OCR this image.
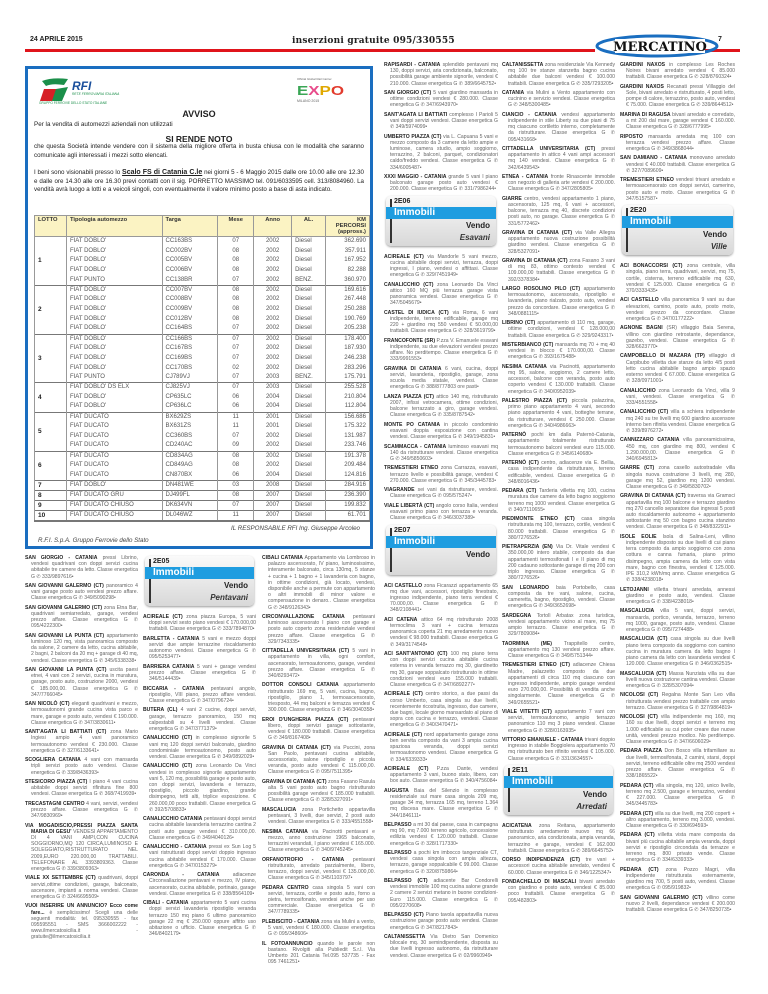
24 APRILE 2015	inserzioni gratuite 095/330555	MERCATINO
7
RFI
RETE FERROVIARIA ITALIANA
GRUPPO FERROVIE DELLO STATO ITALIANE
Official Global Rail Carrier
EXPO
MILANO 2015
AVVISO
Per la vendita di automezzi aziendali non utilizzati
SI RENDE NOTO
che questa Società intende vendere con il sistema della migliore offerta in busta chiusa con le modalità che saranno comunicate agli interessati i mezzi sotto elencati.
I beni sono visionabili presso lo Scalo FS di Catania C.le nei giorni 5 - 6 Maggio 2015 dalle ore 10.00 alle ore 12.30 e dalle ore 14.30 alle ore 16.30 previ contatti con il sig. PORRETTO MASSIMO tel. 091/6033595 cell. 313/8084960. La vendità avrà luogo a lotti e a veicoli singoli, con eventualmente il valore minimo posto a base di asta indicato.
LOTTO	Tipologia automezzo	Targa	Mese	Anno	AL.	KM PERCORSI (appross.)
1	FIAT DOBLO'	CC163BS	07	2002	Diesel	362.690
	FIAT DOBLO'	CC002BV	08	2002	Diesel	357.911
	FIAT DOBLO'	CC005BV	08	2002	Diesel	167.952
	FIAT DOBLO'	CC006BV	08	2002	Diesel	82.288
	FIAT PUNTO	CC138BR	07	2002	BENZ.	360.970
2	FIAT DOBLO'	CC007BV	08	2002	Diesel	169.616
	FIAT DOBLO'	CC008BV	08	2002	Diesel	267.448
	FIAT DOBLO'	CC009BV	08	2002	Diesel	250.288
	FIAT DOBLO'	CC012BV	08	2002	Diesel	190.769
	FIAT DOBLO'	CC164BS	07	2002	Diesel	205.238
3	FIAT DOBLO'	CC166BS	07	2002	Diesel	178.400
	FIAT DOBLO'	CC167BS	07	2002	Diesel	187.930
	FIAT DOBLO'	CC169BS	07	2002	Diesel	246.238
	FIAT DOBLO'	CC170BS	02	2002	Diesel	283.296
	FIAT PUNTO	CJ789VJ	07	2003	BENZ.	175.791
4	FIAT DOBLO' DS ELX	CJ825VJ	07	2003	Diesel	255.528
	FIAT DOBLO'	CP635LC	06	2004	Diesel	210.804
	FIAT DOBLO'	CP636LC	06	2004	Diesel	112.804
5	FIAT DUCATO	BX629ZS	11	2001	Diesel	156.686
	FIAT DUCATO	BX631ZS	11	2001	Diesel	175.322
	FIAT DUCATO	CC360BS	07	2002	Diesel	131.987
	FIAT DUCATO	CD240AC	09	2002	Diesel	233.746
6	FIAT DUCATO	CD834AG	08	2002	Diesel	191.378
	FIAT DUCATO	CD849AG	08	2002	Diesel	209.484
	FIAT DUCATO	CN870BX	06	2004	Diesel	124.816
7	FIAT DOBLO'	DN481WE	03	2008	Diesel	284.916
8	FIAT DUCATO GRU	DJ499FL	08	2007	Diesel	236.390
9	FIAT DUCATO CHIUSO	DK634VN	07	2007	Diesel	199.832
10	FIAT DUCATO CHIUSO	DL046WZ	11	2007	Diesel	61.701
IL RESPONSABILE RFI Ing. Giuseppe Arcoleo
R.F.I. S.p.A. Gruppo Ferrovie dello Stato
SAN GIORGIO - CATANIA pressi Librino, vendesi quadrivani con doppi servizi cucina abitabile tre camere da letto. Classe energetica G ✆ 333/9897616•
SAN GIOVANNI GALERMO (CT) panoramico 4 vani garage posto auto vendesi prezzo affare. Classe energetica G ✆ 349/5090298•
SAN GIOVANNI GALERMO (CT) zona Etna Bar, quadrivani semiarredato, garage, vendesi prezzo affare. Classe energetica G ✆ 095/4222300•
SAN GIOVANNI LA PUNTA (CT) appartamento luminoso 120 mq, vista panoramica composto da salone, 2 camere da letto, cucina abitabile, 2 bagni, 2 balconi da 20 mq + garage di 40 mq, vendesi. Classe energetica G ✆ 345/6338338•
SAN GIOVANNI LA PUNTA (CT) uscita paesi etnei, 4 vani con 2 servizi, cucina in muratura, garage, posto auto, costruzione 2000, vendesi € 185.000,00. Classe energetica G ✆ 347/7766045•
SAN NICOLÒ (CT) eleganti quadrivani e mezzo, termoautonomi grande cucina vista parco e mare, garage e posto auto, vendesi € 190.000. Classe energetica G ✆ 347/3830611•
SANT'AGATA LI BATTIATI (CT) zona Mario Ingiesi ampio 4 vani panoramico termoautonomo vendesi € 230.000. Classe energetica G ✆ 327/6133641•
SCOGLIERA CATANIA 4 vani con mansarda tripli servizi posto auto vendesi. Classe energetica G ✆ 339/8436393•
STESICORO PIAZZA (CT) I piano 4 vani cucina abitabile doppi servizi rifinitura fine 800 vendesi. Classe energetica G ✆ 368/7419939•
TRECASTAGNI CENTRO 4 vani, servizi, vendesi prezzo affare. Classe energetica G ✆ 347/9830969•
VIA MOGADISCIO,PRESSI PIAZZA SANTA MARIA DI GESU' VENDESI APPARTAMENTO DI 4 VANI AMPI,CON CUCINA SOGGIORNO,MQ 120 CIRCA,LUMINOSO E SOLEGGIATO,RISTRUTTURATO NEL 2009,EURO 220.000,00 TRATTABILI. TELEFONARE AL 3393809363. Classe energetica G ✆ 339/3809363•
VIALE XX SETTEMBRE (CT) quadrivani, doppi servizi,ottime condizioni, garage, balconato, ascensore, impianti a norma vendesi. Classe energetica G ✆ 324/6695509•
VUOI INSERIRE UN ANNUNCIO? Ecco come fare... è semplicissimo! Scegli una delle seguenti modalità: tel. 095330555 - fax 095595551 - SMS 3666002222 - www.ilmercatosicilia.it - gratuite@ilmercatosicilia.it
2E05
Immobili
Vendo
Pentavani
ACIREALE (CT) zona piazza Europa, 5 vani doppi servizi sesto piano vendesi € 170.000,00 trattabili. Classe energetica G ✆ 333/7894870•
BARLETTA - CATANIA 5 vani e mezzo doppi servizi due ampie terrazzine riscaldamento autonomo vendesi. Classe energetica G ✆ 095/5253477•
BARRIERA CATANIA 5 vani + garage vendesi prezzo affare. Classe energetica G ✆ 346/5144439•
BICCARIA - CATANIA pentavani angolo, ripostiglio, VIII piano, prezzo affare vendesi. Classe energetica G ✆ 347/0796724•
BUTERA (CL) 4 vani 2 cucine, doppi servizi, garage, terrazzo panoramico, 150 mq calpestabili su 4 livelli vendesi. Classe energetica G ✆ 347/3771379•
CANALICCHIO (CT) in complesso signorile 5 vani mq 120 doppi servizi balconato, giardino condominiale termoautonomo, posto auto vendesi. Classe energetica G ✆ 349/0892029•
CANALICCHIO (CT) zona Leonardo Da Vinci vendesi in complesso signorile appartamento vani 5, 120 mq, possibilità garage e posto auto, con doppi servizi, lavanderia e terrazzo, ripostiglio, piccolo giardino, grande disimpegno, tetti alti, triplice esposizione. € 260.000,00 poco trattabili. Classe energetica G ✆ 392/5708833•
CANALICCHIO CATANIA pentavani doppi servizi cucina abitabile lavanderia terrazzino cantina 2 posti auto garage vendesi € 310.000,00. Classe energetica G ✆ 349/4040126•
CANALICCHIO - CATANIA pressi ex Sun Log 5 vani ristrutturati doppi servizi doppio ingresso cucina abitabile vendesi € 170.000. Classe energetica G ✆ 347/0153279•
CARONDA - CATANIA	adiacenze Circonvallazione pentavani e mezzo, IV piano, ascensorato, cucina abitabile, portinaio, garage vendesi. Classe energetica G ✆ 338/8564109•
CIBALI - CATANIA appartamento 5 vani cucina doppi servizi lavanderia ripostiglio veranda terrazzo 150 mq piano 6 ultimo panoramico garage 22 mq € 250.000 oppure affitto uso abitazione o ufficio. Classe energetica G ✆ 346/8402179•
CIBALI CATANIA Appartamento via Lombroso in palazzo ascensorato, IV piano, luminosissimo, interamente balconato, circa 130mq, 5 stanze + cucina + 1 bagno + 1 lavanderia con bagno, in ottime condizioni, già locato, vendesi, disponibile anche a permute con appartamento o altri immobili di minor valore e compensazione in denaro.. Classe energetica G ✆ 348/9126343•
CIRCONVALLAZIONE CATANIA pentavani luminoso ascensorato I piano con garage e posto auto coperto zona residenziale vendesi prezzo affare. Classe energetica G ✆ 329/7343335•
CITTADELLA UNIVERSITARIA (CT) 5 vani in appartamento in villa, ogni comfort, ascensorato, termoautonomo, garage, vendesi prezzo affare. Classe energetica G ✆ 340/8293472•
DOTTOR CONSOLI CATANIA appartamento ristrutturato 169 mq, 5 vani, cucina, bagno, ripostiglio, piano 1, termoascensorato, triesposto, 44 mq balconi e terrazza vendesi € 300.000. Classe energetica G ✆ 346/3040358•
EROI D'UNGHERIA PIAZZA (CT) pentavani libero, doppi servizi garage sottostante, vendesi € 180.000 trattabili. Classe energetica G ✆ 349/8167408•
GRAVINA DI CATANIA (CT) via Puccini, zona San Paolo, pentavani cucina abitabile, accessoriato, salone ripostiglio e piccola veranda, posto auto vendesi € 115.000,00. Classe energetica G ✆ 095/7511395•
GRAVINA DI CATANIA (CT) zona Fasano Rasula alta 5 vani posto auto bagno ristrutturato possibilità garage vendesi € 185.000 trattabili. Classe energetica G ✆ 328/5327091•
MASCALUCIA zona Portichetto appartavilla pentavani, 3 livelli, due servizi, 2 posti auto vendesi. Classe energetica G ✆ 333/4551558•
NESIMA CATANIA via Pacinotti pentavani e mezzo, anno costruzione 1965 balconato, terrazzini verandati, I piano vendesi € 165.000. Classe energetica G ✆ 340/9745245•
ORFANOTROFIO - CATANIA pentavani ristrutturato, arredato parzialmente, libero, terrazzo, doppi servizi, vendesi € 135.000,00. Classe energetica G ✆ 345/1103797•
PEDARA CENTRO casa singola 5 vani con servizi, terrazza, cortile e posto auto, forno a pietra, termosifonato, vendesi anche per uso commerciale. Classe energetica G ✆ 347/7789335•
PLEBISCITO - CATANIA zona via Mulini a vento, 5 vani, vendesi € 180.000. Classe energetica G ✆ 095/348606•
IL FOTOANNUNCIO quando le parole non bastano. Rivolgiti alla Publiedit S.r.l. Via Umberto 201 Catania Tel.095 537735 - Fax 095 7461251•
RAPISARDI - CATANIA splendido pentavani mq 130, doppi servizi, aria condizionata, balconato, possibilità garage ambiente signorile, vendesi € 210.000. Classe energetica G ✆ 389/6645752•
SAN GIORGIO (CT) 5 vani giardino mansarda in ottime condizioni vendesi € 280.000. Classe energetica G ✆ 347/6943970•
SANT'AGATA LI BATTIATI complesso I Parioli 5 vani doppi servizi vendesi. Classe energetica G ✆ 349/5974099•
UMBERTO PIAZZA (CT) via L. Capuana 5 vani e mezzo composto da 3 camere da letto ampie e luminose, camera studio, ampio soggiorno, terrazzino, 2 balconi, parquet, condizionatori caldo/freddo vendesi. Classe energetica G ✆ 334/6005487•
XXXI MAGGIO - CATANIA grande 5 vani I piano balconato garage posto auto vendesi € 200.000. Classe energetica G ✆ 331/7986244•
2E06
Immobili
Vendo
Esavani
ACIREALE (CT) via Mandorle 5 vani mezzo, cucina abitabile doppi servizi, terrazza, doppi ingressi, I piano, vendesi o affittasi. Classe energetica G ✆ 329/7451949•
CANALICCHIO (CT) zona Leonardo Da Vinci attico 160 MQ più terrazza garage vista panoramica vendesi. Classe energetica G ✆ 347/5045679•
CASTEL DI IUDICA (CT) via Roma, 6 vani indipendente, terreno edificabile, garage mq 220 + giardino mq 550 vendesi € 50.000,00 trattabili. Classe energetica G ✆ 328/3619799•
FRANCOFONTE (SR) P.zza V. Emanuele esavani indipendente, su due elevazioni vendesi prezzo affare. No perditempo. Classe energetica G ✆ 333/9991553•
GRAVINA DI CATANIA 6 vani, cucina, doppi servizi, lavanderia, ripostiglio, garage, zona scuola media statale, vendesi. Classe energetica G ✆ 388/8777803 ore pasti•
LANZA PIAZZA (CT) attico 140 mq, ristrutturato 2007, infissi vetrocamera, ottime condizioni, balcone terrazzato a giro, garage vendesi. Classe energetica G ✆ 335/8787542•
MONTE PO CATANIA in piccolo condominio esavani doppia esposizione con cantina vendesi. Classe energetica G ✆ 349/1945831•
SCAMMACCA - CATANIA luminoso esavani mq 140 da ristrutturare vendesi. Classe energetica G ✆ 349/5850603•
TREMESTIERI ETNEO zona Carrazza, esavani, terrazzo livello e possibilità garage, vendesi € 270.000. Classe energetica G ✆ 345/3445783•
VIAGRANDE sei vani da ristrutturare, vendesi. Classe energetica G ✆ 095/575247•
VIALE LIBERTÀ (CT) angolo corso Italia, vendesi esavani primo piano con terrazza e veranda. Classe energetica G ✆ 346/3037389•
2E07
Immobili
Vendo
ACI CASTELLO zona Ficarazzi appartamento 65 mq due vani, accessori, ripostiglio finestrato, ingresso indipendente, piano terra vendesi € 70.000,00. Classe energetica G ✆ 348/2108441•
ACI CATENA attico 64 mq ristrutturato 2008 termoclima 3 vani + cucina terrazza panoramica coperta 21 mq arredamento nuovo vendesi € 98.000 trattabili. Classe energetica G ✆ 349/3174548•
ACI SANT'ANTONIO (CT) 100 mq piano terra con doppi servizi cucina abitabile cucina esterna in veranda terrazzo mq 30, giardinetto mq 30, garage soppalcato ristrutturato in ottime condizioni vendesi euro 155.000 trattabili. Classe energetica G ✆ 347/6892277•
ACIREALE (CT) centro storico, a due passi da corso Umberto, casa singola su due livelli, recentemente ricostruita, ingresso, due camere, due bagni, locale giorno mansardato al piano di sopra con cucina e terrazzo, vendesi. Classe energetica G ✆ 340/3470471•
ACIREALE (CT) nord appartamento garage zona ben servita composto da vani 3 ampia cucina spaziosa veranda, doppi servizi termoautonomo vendesi. Classe energetica G ✆ 334/6339333•
ACIREALE (CT) P.zza Dante, vendesi appartamento 3 vani, buono stato, libero, con box auto. Classe energetica G ✆ 340/4756084•
AUGUSTA Baia del Silenzio in complesso residenziale sul mare casa singola 209 mq, garage 34 mq, terrazza 165 mq, terreno 1.364 mq discesa mare. Classe energetica G ✆ 344/1846111•
BELPASSO a mt 30 dal paese, casa in campagna mq 90, mq 7.000 terreno agricolo, concessione edilizia vendesi € 120.000 trattabili. Classe energetica G ✆ 328/1717330•
BELPASSO a pochi km imbocco tangenziale CT, vendesi casa singola con ampia altezza, terrazzo, garage soppalcabile € 99.000. Classe energetica G ✆ 320/8759864•
BELPASSO (CT) adiacente Bar Condorelli vendesi immobile 100 mq cucina salone grande 2 camere 2 servizi metano in buone condizioni-Euro 115.000. Classe energetica G ✆ 095/2270608•
BELPASSO (CT) Piano tavola appartavilla nuova costruzione garage posto auto vendesi. Classe energetica G ✆ 347/8217843•
CALTANISSETTA Via Dietro San Domenico bilocale mq. 30 semindipendente, disposta su due livelli ingresso autonomo, da ristrutturare vendesi. Classe energetica G ✆ 02/9960949•
CALTANISSETTA zona residenziale Via Kennedy mq 100 tre stanze stanzetta bagno cucina abitabile due balconi vendesi € 100.000 trattabili. Classe energetica G ✆ 335/7293205•
CATANIA via Mulini a Vento appartamento con cucinino e servizio vendesi. Classe energetica G ✆ 348/5300485•
CIANCIO - CATANIA vendesi appartamento indipendente in stile Liberty su due piani di 75 mq ciascuno cortiletto interno, completamente da ristrutturare. Classe energetica G ✆ 095/431668•
CITTADELLA UNIVERSITARIA (CT) pressi appartamento in attico 4 vani ampi accessori mq 140 vendesi. Classe energetica G ✆ 342/6439543•
ETNEA - CATANIA fronte Rinascente immobile con negozio di galleria arte vendesi € 200.000. Classe energetica G ✆ 347/2805805•
GIARRE centro, vendesi appartamento 1 piano, ascensorato, 125 mq, 6 vani + accessori, balcone, terrazza mq 40, discrete condizioni posti auto, no garage. Classe energetica G ✆ 331/5772462•
GRAVINA DI CATANIA (CT) via Valle Allegra appartamento nuova costruzione possibilità giardino vendesi. Classe energetica G ✆ 328/5327091•
GRAVINA DI CATANIA (CT) zona Fasano 3 vani di mq 83, ottimo contesto vendesi € 109.000,00 trattabili. Classe energetica G ✆ 392/3378384•
LARGO ROSOLINO PILO (CT) appartamento termoautonomo, ascensorato, ripostiglio e lavanderia, piano rialzato, posto auto, vendesi prezzo da concordare. Classe energetica G ✆ 348/0881115•
LIBRINO (CT) appartamento di 110 mq, garage, ottime condizioni, vendesi € 128.000,00 trattabili. Classe energetica G ✆ 329/9243317•
MISTERBIANCO (CT) mansarda mq 70 + mq 40 vendesi in blocco € 170.000,00. Classe energetica G ✆ 393/1675488•
NESIMA CATANIA via Pacinotti, appartamento mq 95, salone, soggiorno, 2 camere letto, accessori, balcone con veranda, posto auto coperto vendesi € 130.000 trattabili. Classe energetica G ✆ 340/0952039•
PALESTRO PIAZZA (CT) piccola palazzina, primo piano appartamento 4 vani, secondo piano appartamento 4 vani, botteghe terrane, da ristrutturare, vendesi € 250.000. Classe energetica G ✆ 340/4986663•
PATERNÒ pochi km dalla Paternò-Catania, appartamento totalmente ristrutturato termoautonomo balconi vendesi euro 115.000. Classe energetica G ✆ 345/6140680•
PATERNÒ (CT) centro, adiacenze via E. Bellia, casa indipendente da ristrutturare, terreno edificabile, vendesi. Classe energetica G ✆ 348/8016436•
PEDARA (CT) Tarderia villetta mq 100, cucina muratura due camere da letto bagno soggiorno terreno mq 1000 vendesi. Classe energetica G ✆ 340/7110655•
PIEDIMONTE ETNEO (CT) casa singola ristrutturata mq 100, terrazzo, cortile, vendesi € 80.000 trattabili. Classe energetica G ✆ 380/7276526•
PIETRAPERZIA (EN) Via Dr. Vitale vendesi € 350.000,00 intero stabile, composto da due appartamenti termosifonati I e II piano di mq 200 cadauno sottostante garage di mq 200 con triplo ingresso. Classe energetica G ✆ 380/7276526•
SAN LEONARDO baia Portobello, casa composta da tre vani, salone, cucina, cameretta, bagno, ripostiglio, vendesi. Classe energetica G ✆ 349/3652698•
SARDEGNA Tortolì Arbatax zona turistica, vendesi appartamento vicino al mare, mq 75 ampio terrazzo. Classe energetica G ✆ 329/7809084•
TAORMINA (ME) Trappitello centro, appartamento mq 130 vendesi prezzo affare. Classe energetica G ✆ 349/5751344•
TREMESTIERI ETNEO (CT) adiacenze Chiesa Madre, palazzetto composto da due appartamenti di circa 110 mq ciascuno con ingresso indipendente, ampio garage vendesi euro 270.000,00. Possibilità di vendita anche singolarmente. Classe energetica G ✆ 349/2655521•
VIALE VITETTI (CT) appartamento 7 vani con servizi, termoautonomo, ampio terrazzo panoramico 110 mq 3 piano vendesi. Classe energetica G ✆ 328/0163935•
VITTORIO EMANUELE - CATANIA trivani doppio ingresso in stabile Boggiolera appartamento 70 mq ristrutturato ben rifinito vendesi € 105.000. Classe energetica G ✆ 331/3634557•
2E11
Immobili
Vendo
Arredati
ACICATENA zona Reitana, appartamento ristrutturato arredamento nuovo mq 66 panoramico, aria condizionata, ampia veranda, terrazzino e garage, vendesi € 162.000 trattabili. Classe energetica G ✆ 389/6645752•
CORSO INDIPENDENZA (CT) tre vani + accessori cucina abitabile arredato, vendesi € 60.000. Classe energetica G ✆ 346/1225347•
FONDACHELLO DI MASCALI bivani arredato con giardino e posto auto, vendesi € 85.000 poco trattabili. Classe energetica G ✆ 095/482803•
GIARDINI NAXOS in complesso Les Roches Noires bivani arredato vendesi € 85.000 trattabili. Classe energetica G ✆ 328/8760324•
GIARDINI NAXOS Recanati pressi Villaggio del Sole, bivani arredato e ristrutturato, 4 posti letto, pompe di calore, terrazzino, posto auto, vendesi € 75.000. Classe energetica G ✆ 339/8644512•
MARINA DI RAGUSA bivani arredato e corredato, a mt 200 dal mare, garage vendesi € 160.000. Classe energetica G ✆ 328/6777995•
RIPOSTO mansarda arredata mq 100 con terrazza vendesi prezzo affare. Classe energetica G ✆ 349/3868044•
SAN DAMIANO - CATANIA monovano arredato vendesi € 40.000 trattabili. Classe energetica G ✆ 327/7089609•
TREMESTIERI ETNEO vendesi trivani arredato e termoascensorato con doppi servizi, camerino, posto auto e moto. Classe energetica G ✆ 347/5157587•
2E20
Immobili
Vendo
Ville
ACI BONACCORSI (CT) zona centrale, villa singola, piano terra, quadrivani, servizi, mq 75, cortile, cisterna, terreno edificabile mq 630, vendesi € 125.000. Classe energetica G ✆ 370/3333435•
ACI CASTELLO villa panoramica 9 vani su due elevazioni, camino, posto auto, posto moto, vendesi prezzo da concordare. Classe energetica G ✆ 347/0177222•
AGNONE BAGNI (SR) villaggio Baia Serena, villino con giardino retrostante, dependance, gazebo, vendesi. Classe energetica G ✆ 328/6623770•
CAMPOBELLO DI MAZARA (TP) villaggio di Carpibubo villetta due stanze da letto 4/5 posti letto cucina abitabile bagno ampio spazio esterno vendesi € 67.000. Classe energetica G ✆ 328/0971001•
CANALICCHIO zona Leonardo da Vinci, villa 9 vani, vendesi. Classe energetica G ✆ 333/4551558•
CANALICCHIO (CT) villa a schiera indipendente mq 240 su tre livelli mq 600 giardino ascensore interno ben rifinita vendesi. Classe energetica G ✆ 339/8976272•
CANNIZZARO CATANIA villa panoramicissima, 450 mq, con giardino mq 800, vendesi € 1.290.000,00. Classe energetica G ✆ 340/6945813•
GIARRE (CT) zona casello autostradale villa singola nuova costruzione 3 livelli, mq 280, garage mq 52, giardino mq 1200 vendesi. Classe energetica G ✆ 349/5830702•
GRAVINA DI CATANIA (CT) traversa via Gramsci appartavilla mq 100 balcone e terrazzo giardino mq 270 cancello separatore due ingressi 5 posti auto riscaldamento autonomo + appartamento sottostante mq 50 con bagno cucina stanzino vendesi. Classe energetica G ✆ 348/8322911•
ISOLE EOLIE Isola di Salina-Leni, villino indipendente disposto su due livelli di cui piano terra composto da ampio soggiorno con zona cottura e canna fumaria, piano primo disimpegno, ampia camera da letto con vista mare, bagno con finestra, vendesi € 125.000. IPE 310,2 kWh/mq anno. Classe energetica G ✆ 338/4238018•
LETOJANNI villetta trivani arredata, annessi giardino e posto auto, vendesi. Classe energetica G ✆ 338/4238018•
MASCALUCIA villa 5 vani, doppi servizi, mansarda, portico, veranda, terrazzo, terreno mq 1000, garage, posto auto, vendesi. Classe energetica G ✆ 095/7274488•
MASCALUCIA (CT) casa singola su due livelli piano terra composto da soggiorno con camino cucina in muratura camera da letto bagno I piano camera da letto con lavanderia vendesi € 120.000. Classe energetica G ✆ 346/0362515•
MASCALUCIA (CT) Massa Nunziata villa su due livelli nuova costruzione cantina vendesi. Classe energetica G ✆ 328/5307094•
NICOLOSI (CT) Regalna Monte San Leo villa ristrutturata vendesi prezzo trattabile con ampio terrazzo. Classe energetica G ✆ 327/9864819•
NICOLOSI (CT) villa indipendente mq 160, mq 160 su due livelli, doppi servizi e terreno mq 1.000 edificabile su cui poter creare due nuove unità, vendesi prezzo modico. No perditempo. Classe energetica G ✆ 347/6606029•
PEDARA PIAZZA Don Bosco villa trifamiliare su due livelli, termosifonata, 2 camini, starsi, doppi servizi, terreno edificabile oltre mq 2500 vendesi prezzo affare. Classe energetica G ✆ 338/1865522•
PEDARA (CT) villa singola, mq 120, unico livello, terreno mq 2.500, garage e terrazzino, vendesi € 227.000. Classe energetica G ✆ 345/3445783•
PEDARA (CT) villa su due livelli, mq 200 coperti + altro appartamento, terreno mq 3.000, vendesi. Classe energetica G ✆ 330/694593•
PEDARA (CT) villetta vista mare composta da bivani più cucina abitabile ampia veranda, doppi servizi e ripostiglio circondata da terrazze e terreno mq. 800 privato vende. Classe energetica G ✆ 334/6339333•
PEDARA (CT) zona Pozzo Magri, villa indipendente ristrutturata esternamente, giardino mq 700, 5 posti auto, vendesi. Classe energetica G ✆ 095/919832•
SAN GIOVANNI GALERMO (CT) villino come nuovo 2 livelli, dependance vendesi € 200.000 trattabili. Classe energetica G ✆ 347/8250735•
